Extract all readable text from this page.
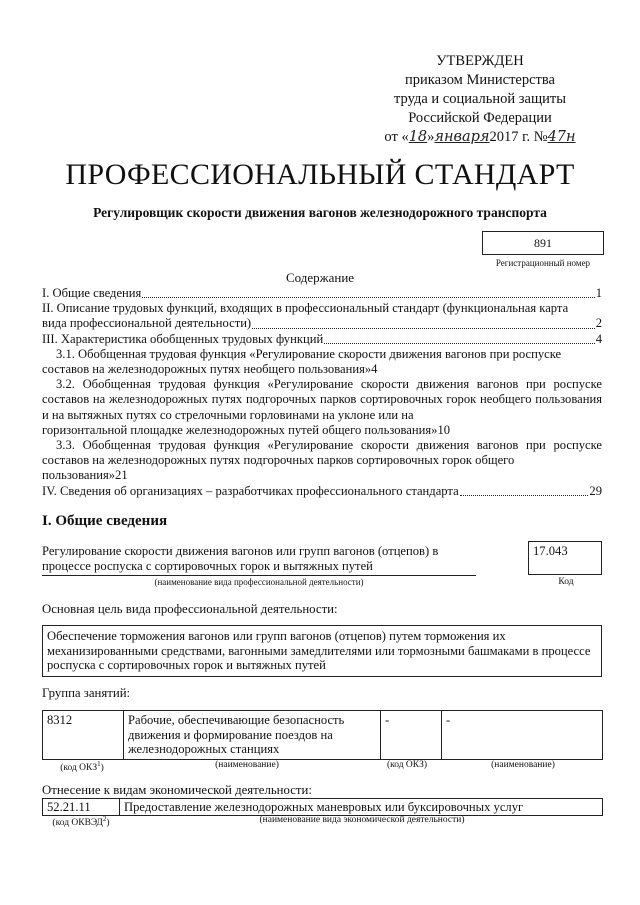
УТВЕРЖДЕН
приказом Министерства
труда и социальной защиты
Российской Федерации
от «18»января2017 г. №47н
ПРОФЕССИОНАЛЬНЫЙ СТАНДАРТ
Регулировщик скорости движения вагонов железнодорожного транспорта
891
Регистрационный номер
Содержание
I. Общие сведения	1
II. Описание трудовых функций, входящих в профессиональный стандарт (функциональная карта
вида профессиональной деятельности)	2
III. Характеристика обобщенных трудовых функций	4
3.1. Обобщенная трудовая функция «Регулирование скорости движения вагонов при роспуске
составов на железнодорожных путях необщего пользования» 4
3.2. Обобщенная трудовая функция «Регулирование скорости движения вагонов при роспуске составов на железнодорожных путях подгорочных парков сортировочных горок необщего пользования и на вытяжных путях со стрелочными горловинами на уклоне или на
горизонтальной площадке железнодорожных путей общего пользования» 10
3.3. Обобщенная трудовая функция «Регулирование скорости движения вагонов при роспуске составов на железнодорожных путях подгорочных парков сортировочных горок общего
пользования» 21
IV. Сведения об организациях – разработчиках профессионального стандарта	29
I. Общие сведения
Регулирование скорости движения вагонов или групп вагонов (отцепов) в процессе роспуска с сортировочных горок и вытяжных путей
(наименование вида профессиональной деятельности)
17.043
Код
Основная цель вида профессиональной деятельности:
Обеспечение торможения вагонов или групп вагонов (отцепов) путем торможения их механизированными средствами, вагонными замедлителями или тормозными башмаками в процессе роспуска с сортировочных горок и вытяжных путей
Группа занятий:
8312	Рабочие, обеспечивающие безопасность движения и формирование поездов на железнодорожных станциях	-	-
(код ОКЗ$^1$)	(наименование)	(код ОКЗ)	(наименование)
Отнесение к видам экономической деятельности:
52.21.11	Предоставление железнодорожных маневровых или буксировочных услуг
(код ОКВЭД$^2$)	(наименование вида экономической деятельности)
